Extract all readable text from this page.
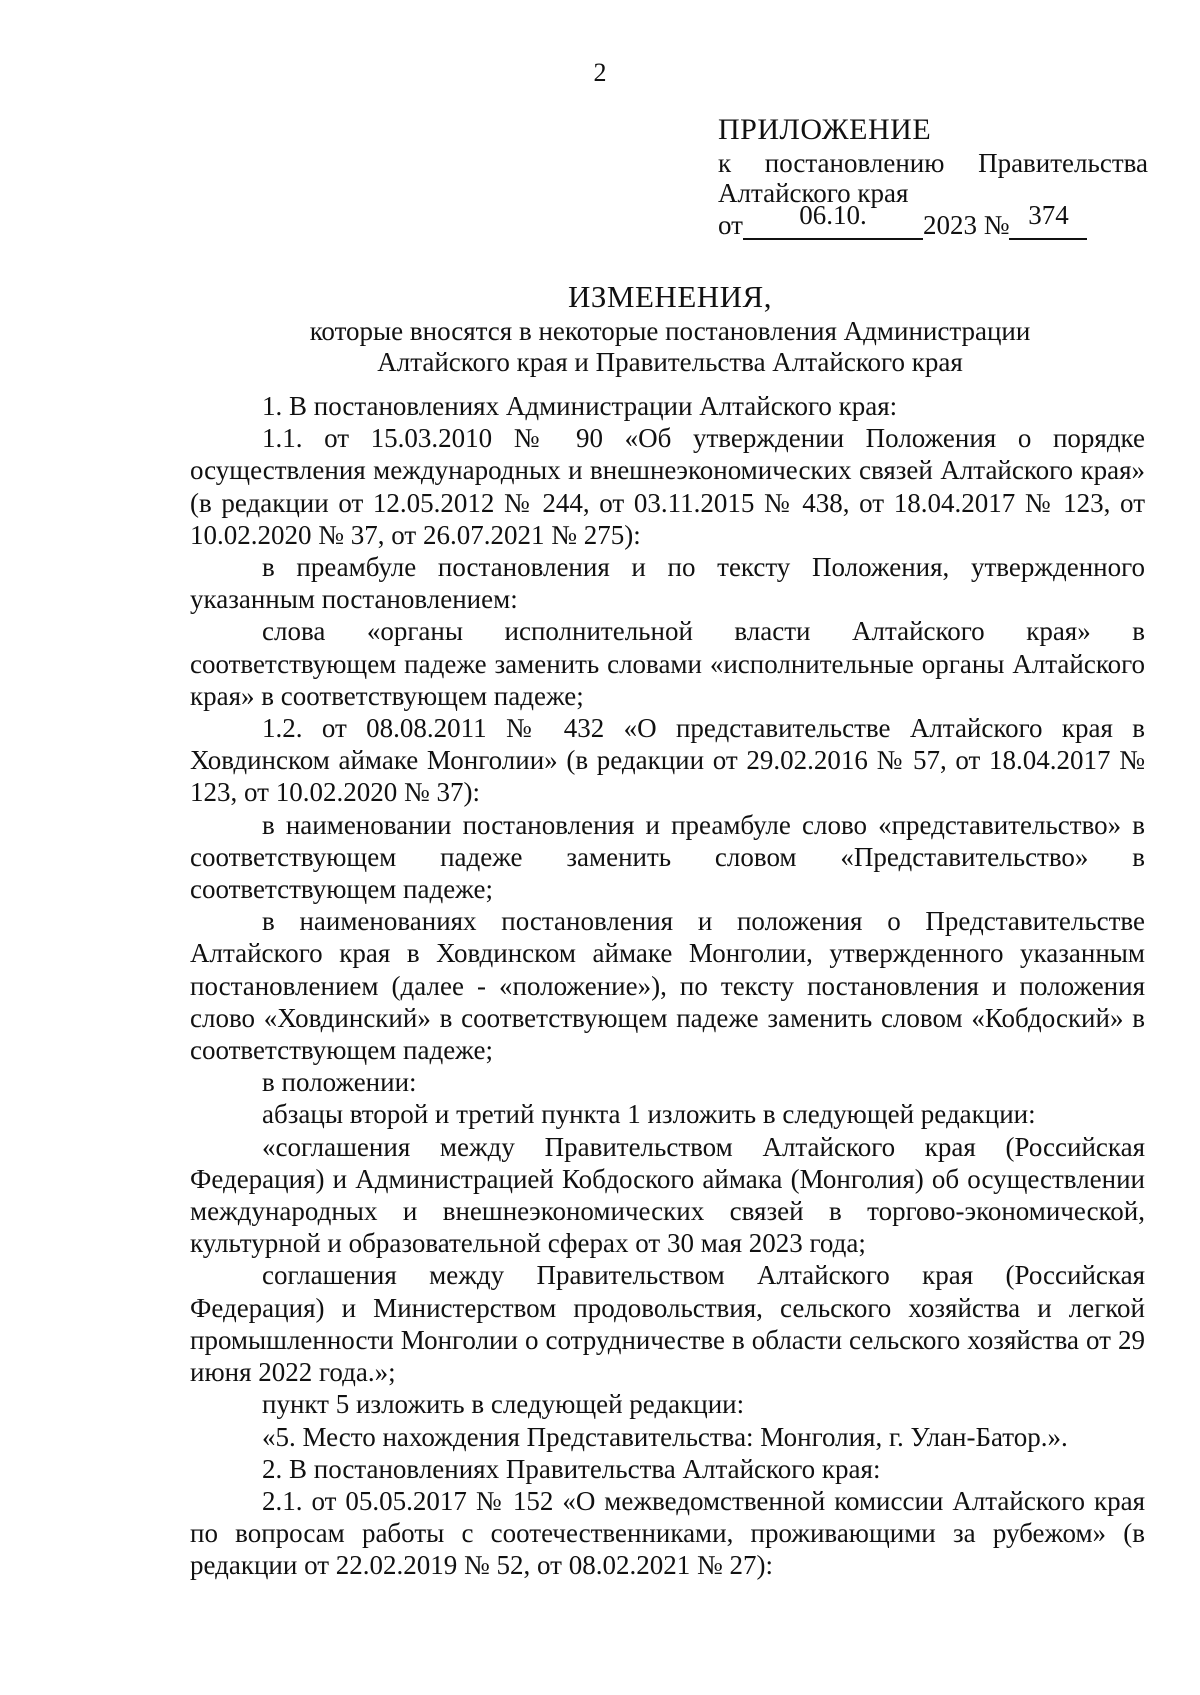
2
ПРИЛОЖЕНИЕ
к постановлению Правительства
Алтайского края
от 06.10. 2023 № 374
ИЗМЕНЕНИЯ,
которые вносятся в некоторые постановления Администрации
Алтайского края и Правительства Алтайского края

1. В постановлениях Администрации Алтайского края:

1.1. от 15.03.2010 № 90 «Об утверждении Положения о порядке осуществления международных и внешнеэкономических связей Алтайского края» (в редакции от 12.05.2012 № 244, от 03.11.2015 № 438, от 18.04.2017 № 123, от 10.02.2020 № 37, от 26.07.2021 № 275):

в преамбуле постановления и по тексту Положения, утвержденного указанным постановлением:

слова «органы исполнительной власти Алтайского края» в соответствующем падеже заменить словами «исполнительные органы Алтайского края» в соответствующем падеже;

1.2. от 08.08.2011 № 432 «О представительстве Алтайского края в Ховдинском аймаке Монголии» (в редакции от 29.02.2016 № 57, от 18.04.2017 № 123, от 10.02.2020 № 37):

в наименовании постановления и преамбуле слово «представительство» в соответствующем падеже заменить словом «Представительство» в соответствующем падеже;

в наименованиях постановления и положения о Представительстве Алтайского края в Ховдинском аймаке Монголии, утвержденного указанным постановлением (далее - «положение»), по тексту постановления и положения слово «Ховдинский» в соответствующем падеже заменить словом «Кобдоский» в соответствующем падеже;

в положении:

абзацы второй и третий пункта 1 изложить в следующей редакции:

«соглашения между Правительством Алтайского края (Российская Федерация) и Администрацией Кобдоского аймака (Монголия) об осуществлении международных и внешнеэкономических связей в торгово-экономической, культурной и образовательной сферах от 30 мая 2023 года;

соглашения между Правительством Алтайского края (Российская Федерация) и Министерством продовольствия, сельского хозяйства и легкой промышленности Монголии о сотрудничестве в области сельского хозяйства от 29 июня 2022 года.»;

пункт 5 изложить в следующей редакции:

«5. Место нахождения Представительства: Монголия, г. Улан-Батор.».

2. В постановлениях Правительства Алтайского края:

2.1. от 05.05.2017 № 152 «О межведомственной комиссии Алтайского края по вопросам работы с соотечественниками, проживающими за рубежом» (в редакции от 22.02.2019 № 52, от 08.02.2021 № 27):
